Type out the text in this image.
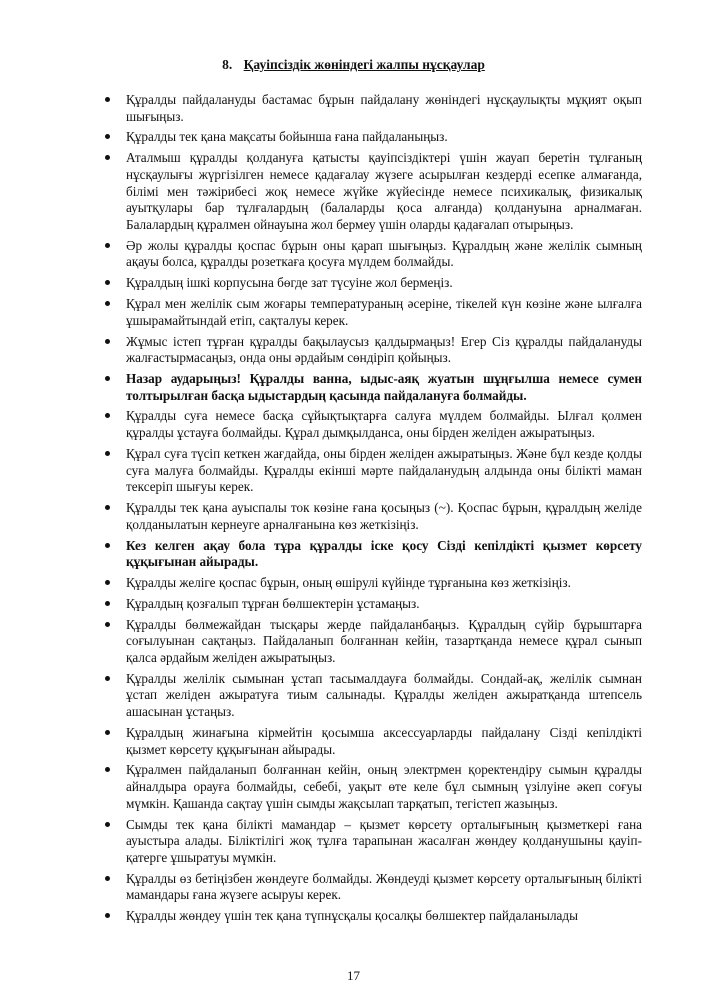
8. Қауіпсіздік жөніндегі жалпы нұсқаулар
Құралды пайдалануды бастамас бұрын пайдалану жөніндегі нұсқаулықты мұқият оқып шығыңыз.
Құралды тек қана мақсаты бойынша ғана пайдаланыңыз.
Аталмыш құралды қолдануға қатысты қауіпсіздіктері үшін жауап беретін тұлғаның нұсқаулығы жүргізілген немесе қадағалау жүзеге асырылған кездерді есепке алмағанда, білімі мен тәжірибесі жоқ немесе жүйке жүйесінде немесе психикалық, физикалық ауытқулары бар тұлғалардың (балаларды қоса алғанда) қолдануына арналмаған. Балалардың құралмен ойнауына жол бермеу үшін оларды қадағалап отырыңыз.
Әр жолы құралды қоспас бұрын оны қарап шығыңыз. Құралдың және желілік сымның ақауы болса, құралды розеткаға қосуға мүлдем болмайды.
Құралдың ішкі корпусына бөгде зат түсуіне жол бермеңіз.
Құрал мен желілік сым жоғары температураның әсеріне, тікелей күн көзіне және ылғалға ұшырамайтындай етіп, сақталуы керек.
Жұмыс істеп тұрған құралды бақылаусыз қалдырмаңыз! Егер Сіз құралды пайдалануды жалғастырмасаңыз, онда оны әрдайым сөндіріп қойыңыз.
Назар аударыңыз! Құралды ванна, ыдыс-аяқ жуатын шұңғылша немесе сумен толтырылған басқа ыдыстардың қасында пайдалануға болмайды.
Құралды суға немесе басқа сұйықтықтарға салуға мүлдем болмайды. Ылғал қолмен құралды ұстауға болмайды. Құрал дымқылданса, оны бірден желіден ажыратыңыз.
Құрал суға түсіп кеткен жағдайда, оны бірден желіден ажыратыңыз. Және бұл кезде қолды суға малуға болмайды. Құралды екінші мәрте пайдаланудың алдында оны білікті маман тексеріп шығуы керек.
Құралды тек қана ауыспалы ток көзіне ғана қосыңыз (~). Қоспас бұрын, құралдың желіде қолданылатын кернеуге арналғанына көз жеткізіңіз.
Кез келген ақау бола тұра құралды іске қосу Сізді кепілдікті қызмет көрсету құқығынан айырады.
Құралды желіге қоспас бұрын, оның өшірулі күйінде тұрғанына көз жеткізіңіз.
Құралдың қозғалып тұрған бөлшектерін ұстамаңыз.
Құралды бөлмежайдан тысқары жерде пайдаланбаңыз. Құралдың сүйір бұрыштарға соғылуынан сақтаңыз. Пайдаланып болғаннан кейін, тазартқанда немесе құрал сынып қалса әрдайым желіден ажыратыңыз.
Құралды желілік сымынан ұстап тасымалдауға болмайды. Сондай-ақ, желілік сымнан ұстап желіден ажыратуға тиым салынады. Құралды желіден ажыратқанда штепсель ашасынан ұстаңыз.
Құралдың жинағына кірмейтін қосымша аксессуарларды пайдалану Сізді кепілдікті қызмет көрсету құқығынан айырады.
Құралмен пайдаланып болғаннан кейін, оның электрмен қоректендіру сымын құралды айналдыра орауға болмайды, себебі, уақыт өте келе бұл сымның үзілуіне әкеп соғуы мүмкін. Қашанда сақтау үшін сымды жақсылап тарқатып, тегістеп жазыңыз.
Сымды тек қана білікті мамандар – қызмет көрсету орталығының қызметкері ғана ауыстыра алады. Біліктілігі жоқ тұлға тарапынан жасалған жөндеу қолданушыны қауіп-қатерге ұшыратуы мүмкін.
Құралды өз бетіңізбен жөндеуге болмайды. Жөндеуді қызмет көрсету орталығының білікті мамандары ғана жүзеге асыруы керек.
Құралды жөндеу үшін тек қана түпнұсқалы қосалқы бөлшектер пайдаланылады
17
